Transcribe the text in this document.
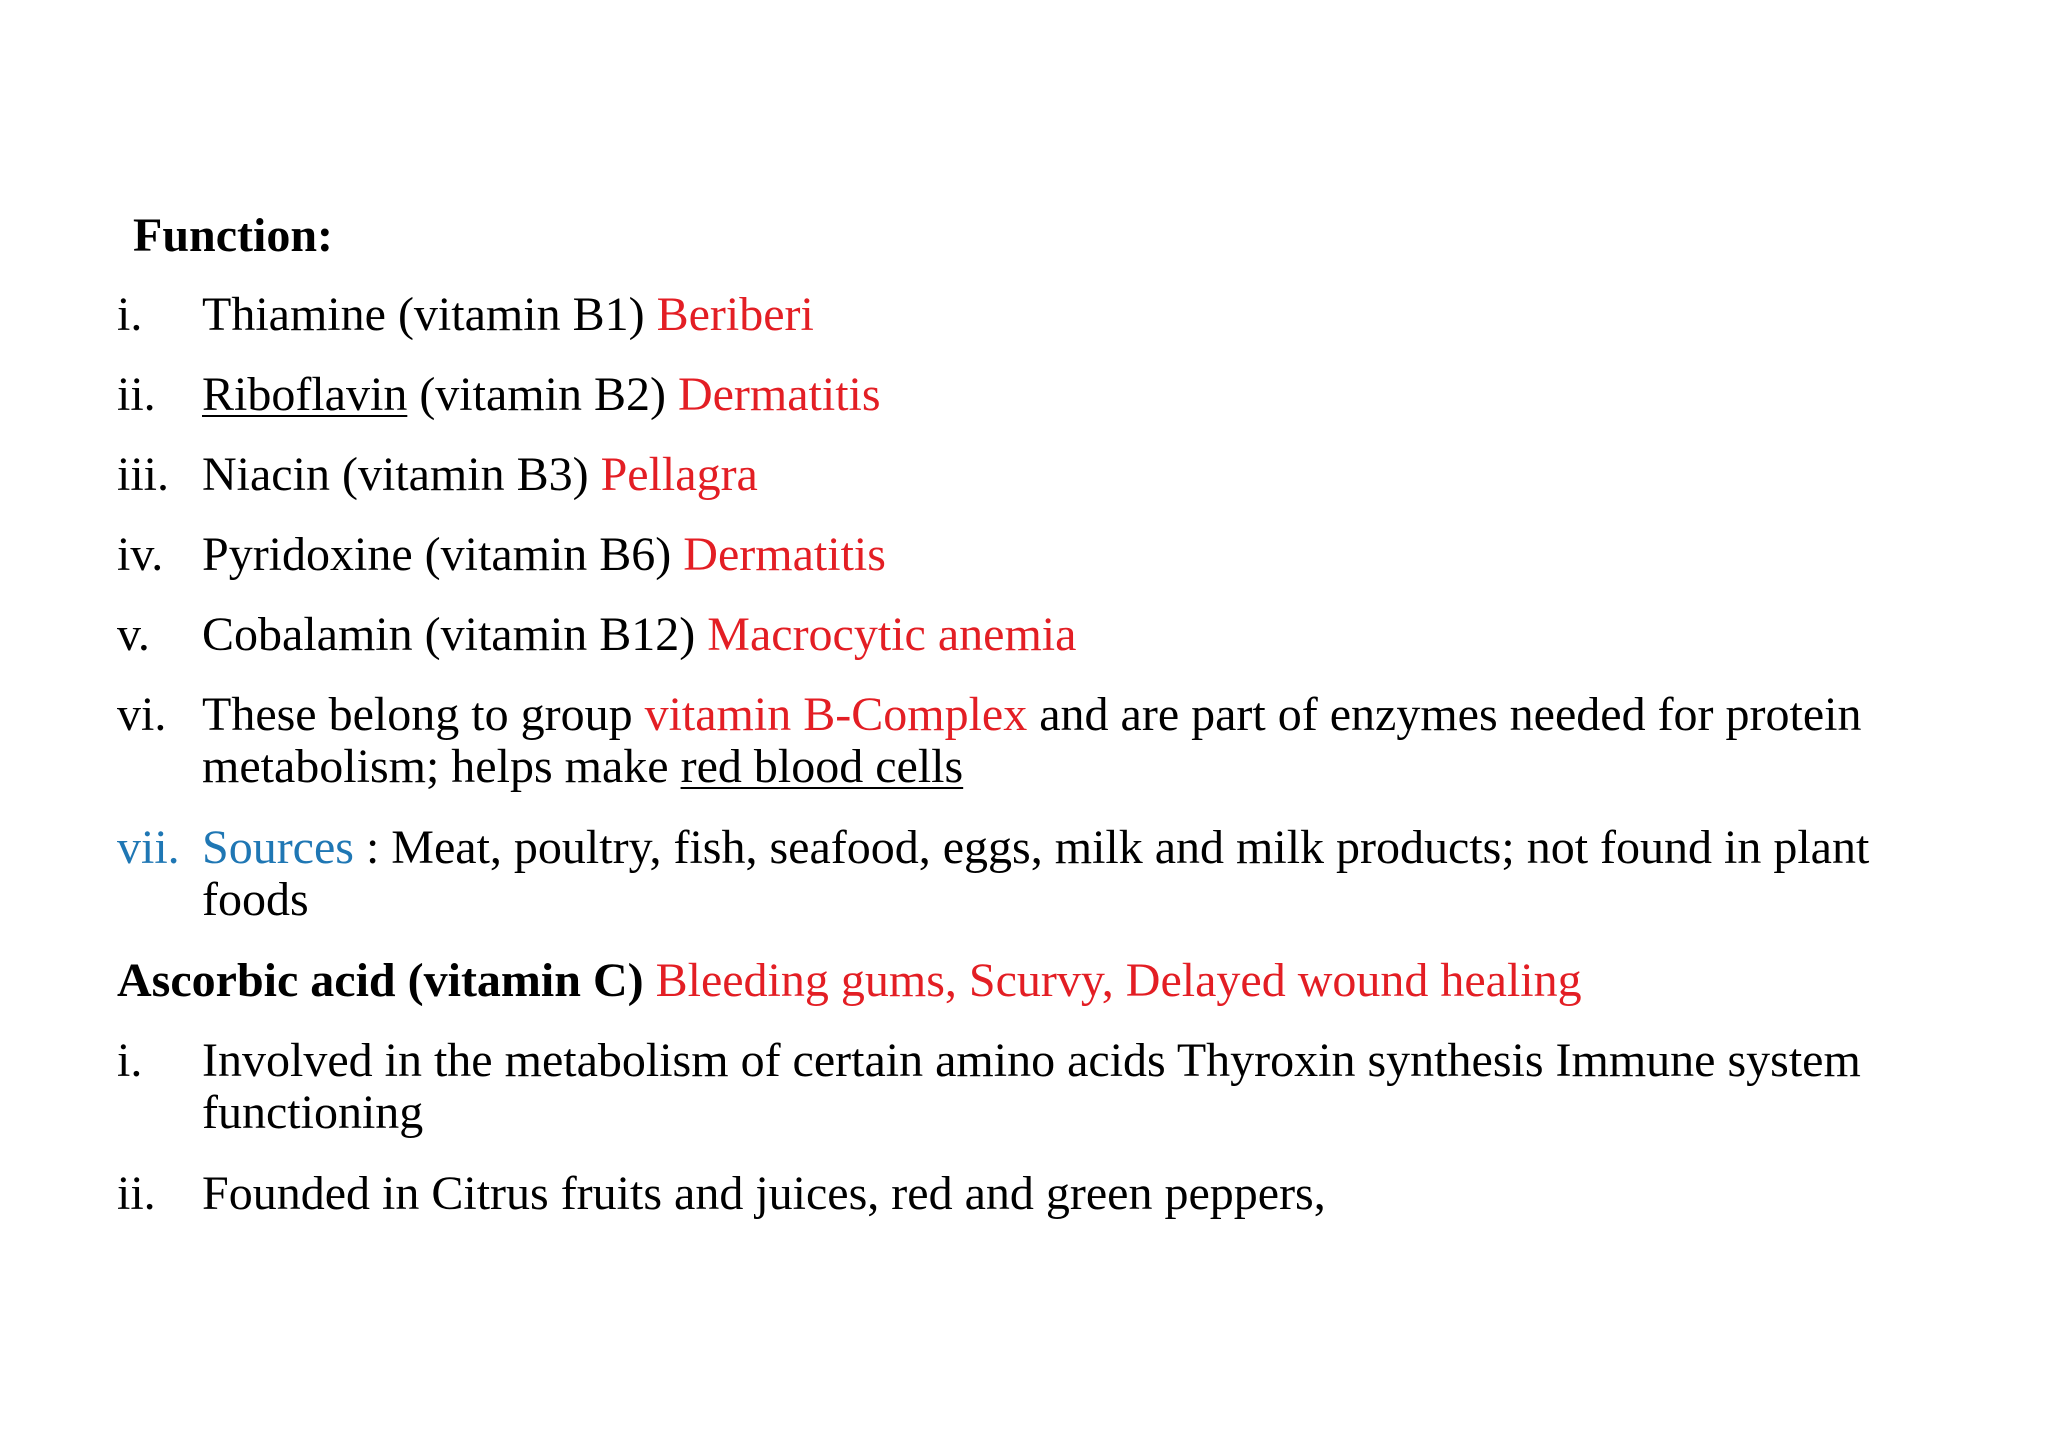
Function:
i.	Thiamine (vitamin B1) Beriberi
ii. Riboflavin (vitamin B2) Dermatitis
iii. Niacin (vitamin B3) Pellagra
iv. Pyridoxine (vitamin B6) Dermatitis
v.	Cobalamin (vitamin B12) Macrocytic anemia
vi. These belong to group vitamin B-Complex and are part of enzymes needed for protein metabolism; helps make red blood cells
vii. Sources : Meat, poultry, fish, seafood, eggs, milk and milk products; not found in plant foods
Ascorbic acid (vitamin C) Bleeding gums, Scurvy, Delayed wound healing
i.	Involved in the metabolism of certain amino acids Thyroxin synthesis Immune system functioning
ii. Founded in Citrus fruits and juices, red and green peppers,
